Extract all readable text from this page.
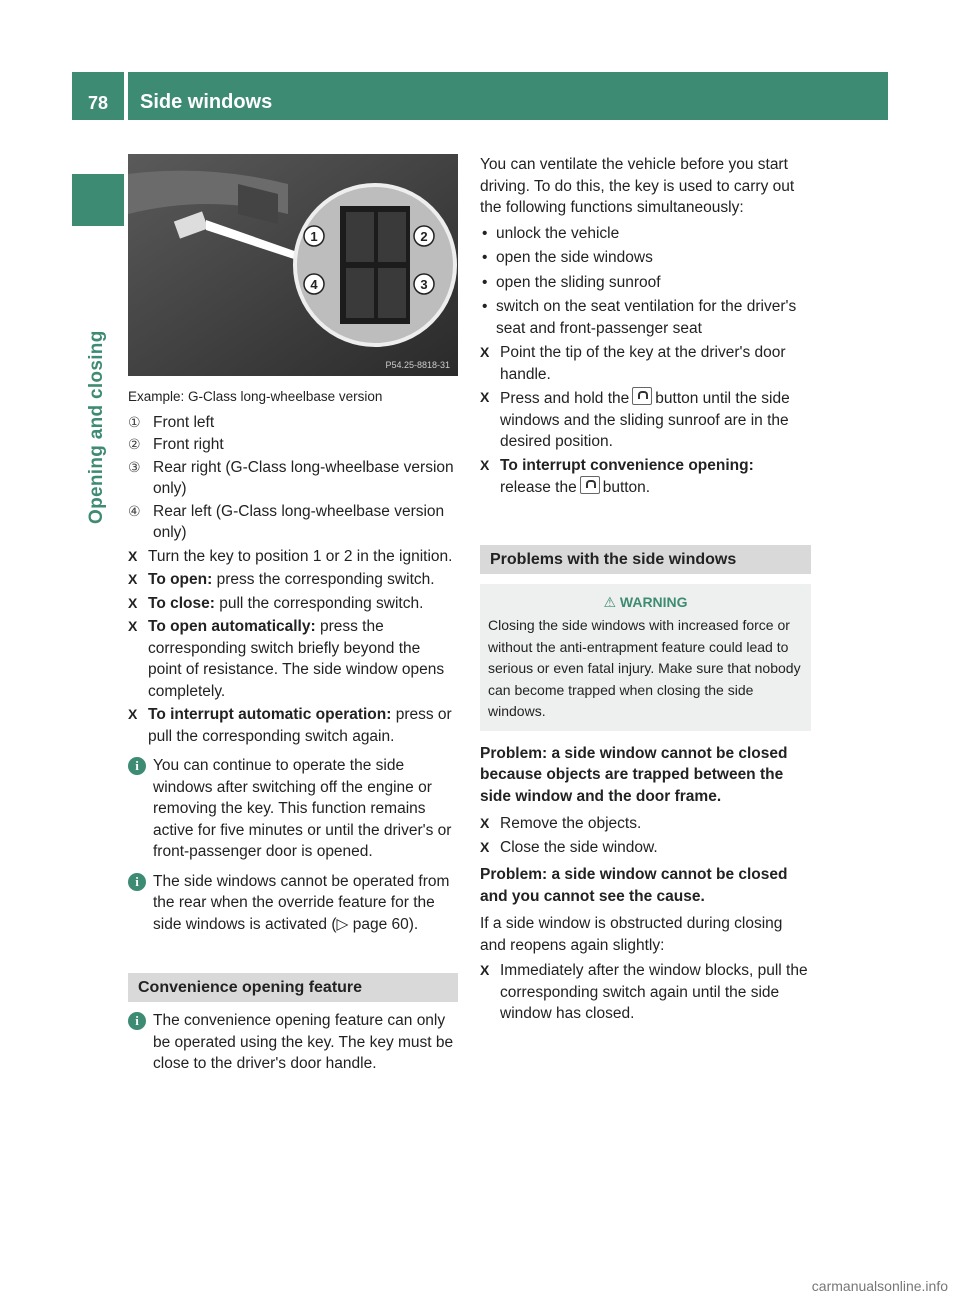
78	Side windows
Opening and closing
1	2
4	3
P54.25-8818-31
Example: G-Class long-wheelbase version
① Front left
② Front right
③ Rear right (G-Class long-wheelbase version only)
④ Rear left (G-Class long-wheelbase version only)
X Turn the key to position 1 or 2 in the ignition.
X To open: press the corresponding switch.
X To close: pull the corresponding switch.
X To open automatically: press the corresponding switch briefly beyond the point of resistance. The side window opens completely.
X To interrupt automatic operation: press or pull the corresponding switch again.
i You can continue to operate the side windows after switching off the engine or removing the key. This function remains active for five minutes or until the driver's or front-passenger door is opened.
i The side windows cannot be operated from the rear when the override feature for the side windows is activated (▷ page 60).
Convenience opening feature
i The convenience opening feature can only be operated using the key. The key must be close to the driver's door handle.
You can ventilate the vehicle before you start driving. To do this, the key is used to carry out the following functions simultaneously:
• unlock the vehicle
• open the side windows
• open the sliding sunroof
• switch on the seat ventilation for the driver's seat and front-passenger seat
X Point the tip of the key at the driver's door handle.
X Press and hold the button until the side windows and the sliding sunroof are in the desired position.
X To interrupt convenience opening:
release the button.
Problems with the side windows
⚠ WARNING
Closing the side windows with increased force or without the anti-entrapment feature could lead to serious or even fatal injury. Make sure that nobody can become trapped when closing the side windows.
Problem: a side window cannot be closed because objects are trapped between the side window and the door frame.
X Remove the objects.
X Close the side window.
Problem: a side window cannot be closed and you cannot see the cause.
If a side window is obstructed during closing and reopens again slightly:
X Immediately after the window blocks, pull the corresponding switch again until the side window has closed.
carmanualsonline.info
